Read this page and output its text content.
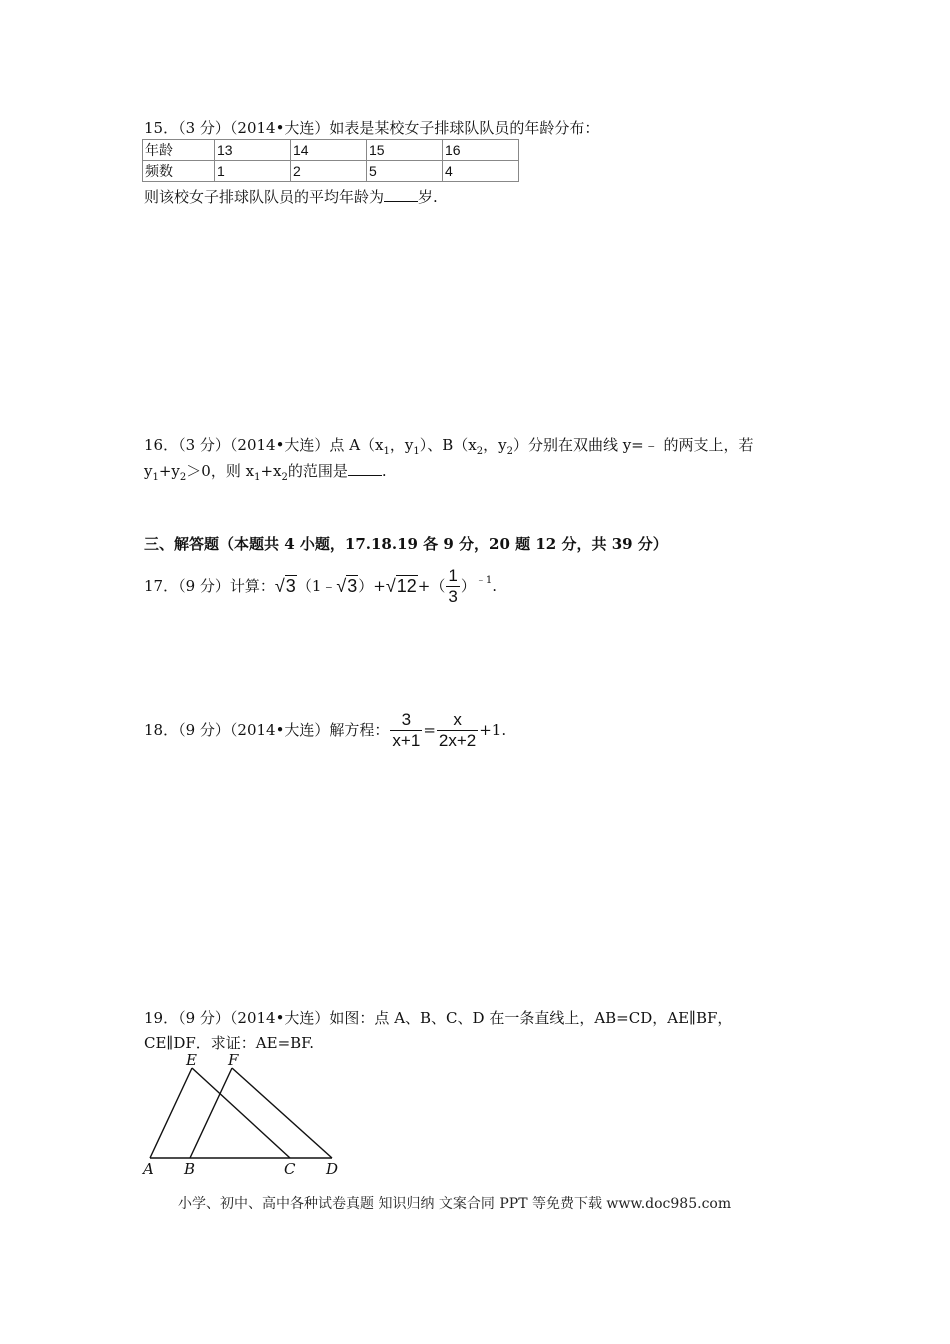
15．（3 分）（2014•大连）如表是某校女子排球队队员的年龄分布：
年龄	13	14	15	16
频数	1	2	5	4
则该校女子排球队队员的平均年龄为 岁.
16．（3 分）（2014•大连）点 $A(x_1$，$y_1$）、$B(x_2$，$y_2$）分别在双曲线 y=﹣ 的两支上，若
$y_1+y_2>0$，则 $x_1+x_2$的范围是 .
三、解答题（本题共 4 小题，17.18.19 各 9 分，20 题 12 分，共 39 分）
17．（9 分）计算： √3 （1﹣ √3 ）+ √12 +（ $\frac{1}{3} )^{﹣1}$ .
18．（9 分）（2014•大连）解方程： $\frac{3}{x+1} = \frac{x}{2x+2} +1$.
19．（9 分）（2014•大连）如图：点 A、B、C、D 在一条直线上，AB=CD，AE∥BF，
CE∥DF．求证：AE=BF.
E F
A B	C D
小学、初中、高中各种试卷真题 知识归纳 文案合同 PPT 等免费下载 www.doc985.com
